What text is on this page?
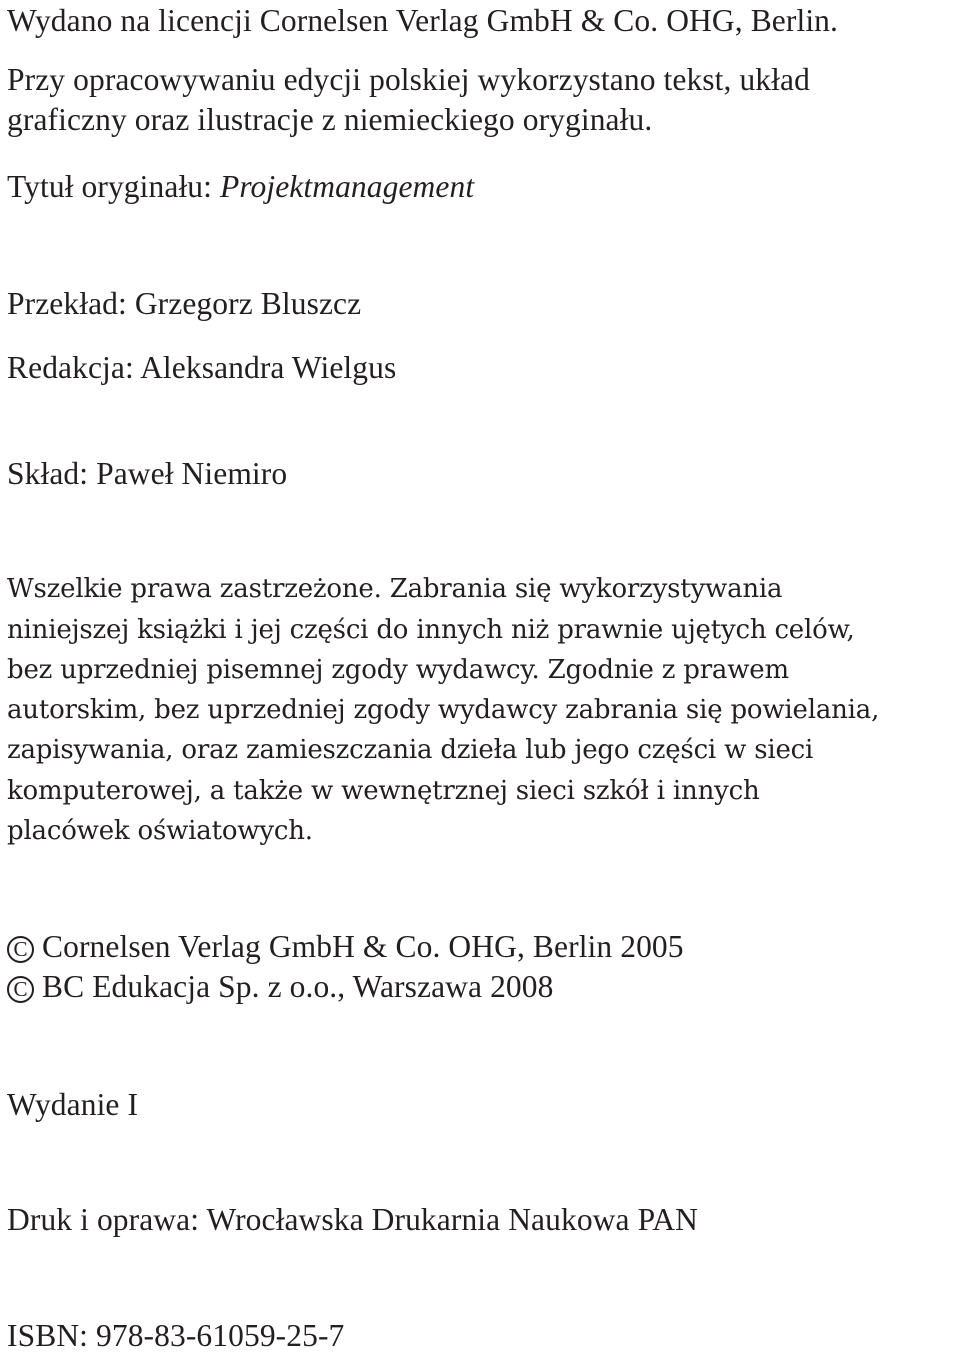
Wydano na licencji Cornelsen Verlag GmbH & Co. OHG, Berlin.
Przy opracowywaniu edycji polskiej wykorzystano tekst, układ
graficzny oraz ilustracje z niemieckiego oryginału.
Tytuł oryginału: Projektmanagement
Przekład: Grzegorz Bluszcz
Redakcja: Aleksandra Wielgus
Skład: Paweł Niemiro
Wszelkie prawa zastrzeżone. Zabrania się wykorzystywania
niniejszej książki i jej części do innych niż prawnie ujętych celów,
bez uprzedniej pisemnej zgody wydawcy. Zgodnie z prawem
autorskim, bez uprzedniej zgody wydawcy zabrania się powielania,
zapisywania, oraz zamieszczania dzieła lub jego części w sieci
komputerowej, a także w wewnętrznej sieci szkół i innych
placówek oświatowych.
C Cornelsen Verlag GmbH & Co. OHG, Berlin 2005
C BC Edukacja Sp. z o.o., Warszawa 2008
Wydanie I
Druk i oprawa: Wrocławska Drukarnia Naukowa PAN
ISBN: 978-83-61059-25-7
